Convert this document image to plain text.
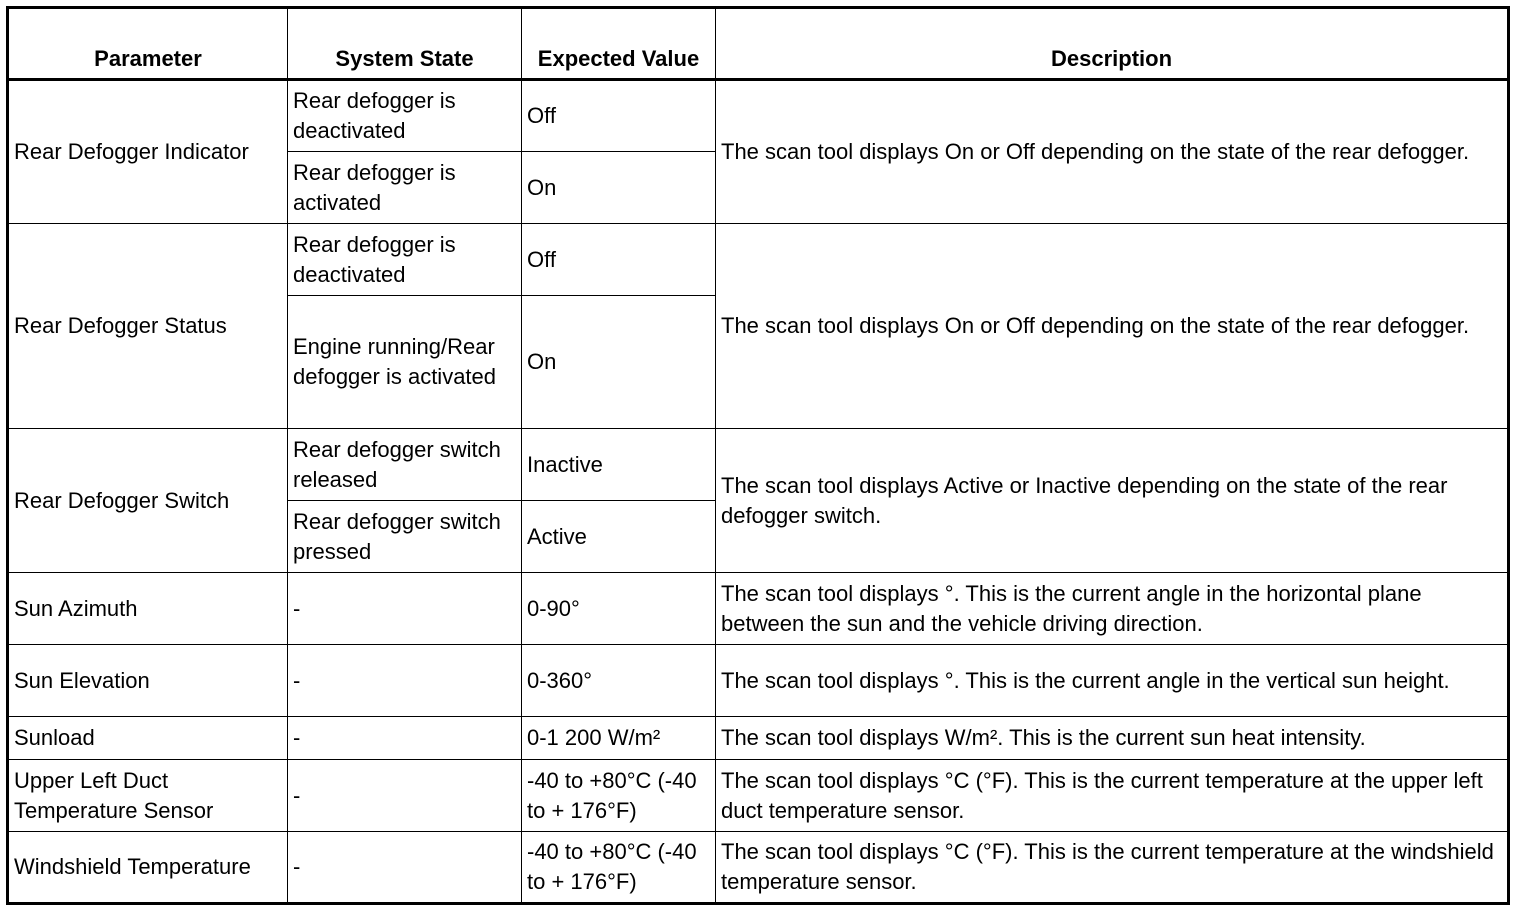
Parameter	System State	Expected Value	Description
Rear Defogger Indicator	Rear defogger is deactivated	Off	The scan tool displays On or Off depending on the state of the rear defogger.
	Rear defogger is activated	On	
Rear Defogger Status	Rear defogger is deactivated	Off	The scan tool displays On or Off depending on the state of the rear defogger.
	Engine running/Rear defogger is activated	On	
Rear Defogger Switch	Rear defogger switch released	Inactive	The scan tool displays Active or Inactive depending on the state of the rear defogger switch.
	Rear defogger switch pressed	Active	
Sun Azimuth	-	0-90°	The scan tool displays °. This is the current angle in the horizontal plane between the sun and the vehicle driving direction.
Sun Elevation	-	0-360°	The scan tool displays °. This is the current angle in the vertical sun height.
Sunload	-	0-1 200 W/m²	The scan tool displays W/m². This is the current sun heat intensity.
Upper Left Duct Temperature Sensor	-	-40 to +80°C (-40 to + 176°F)	The scan tool displays °C (°F). This is the current temperature at the upper left duct temperature sensor.
Windshield Temperature	-	-40 to +80°C (-40 to + 176°F)	The scan tool displays °C (°F). This is the current temperature at the windshield temperature sensor.
